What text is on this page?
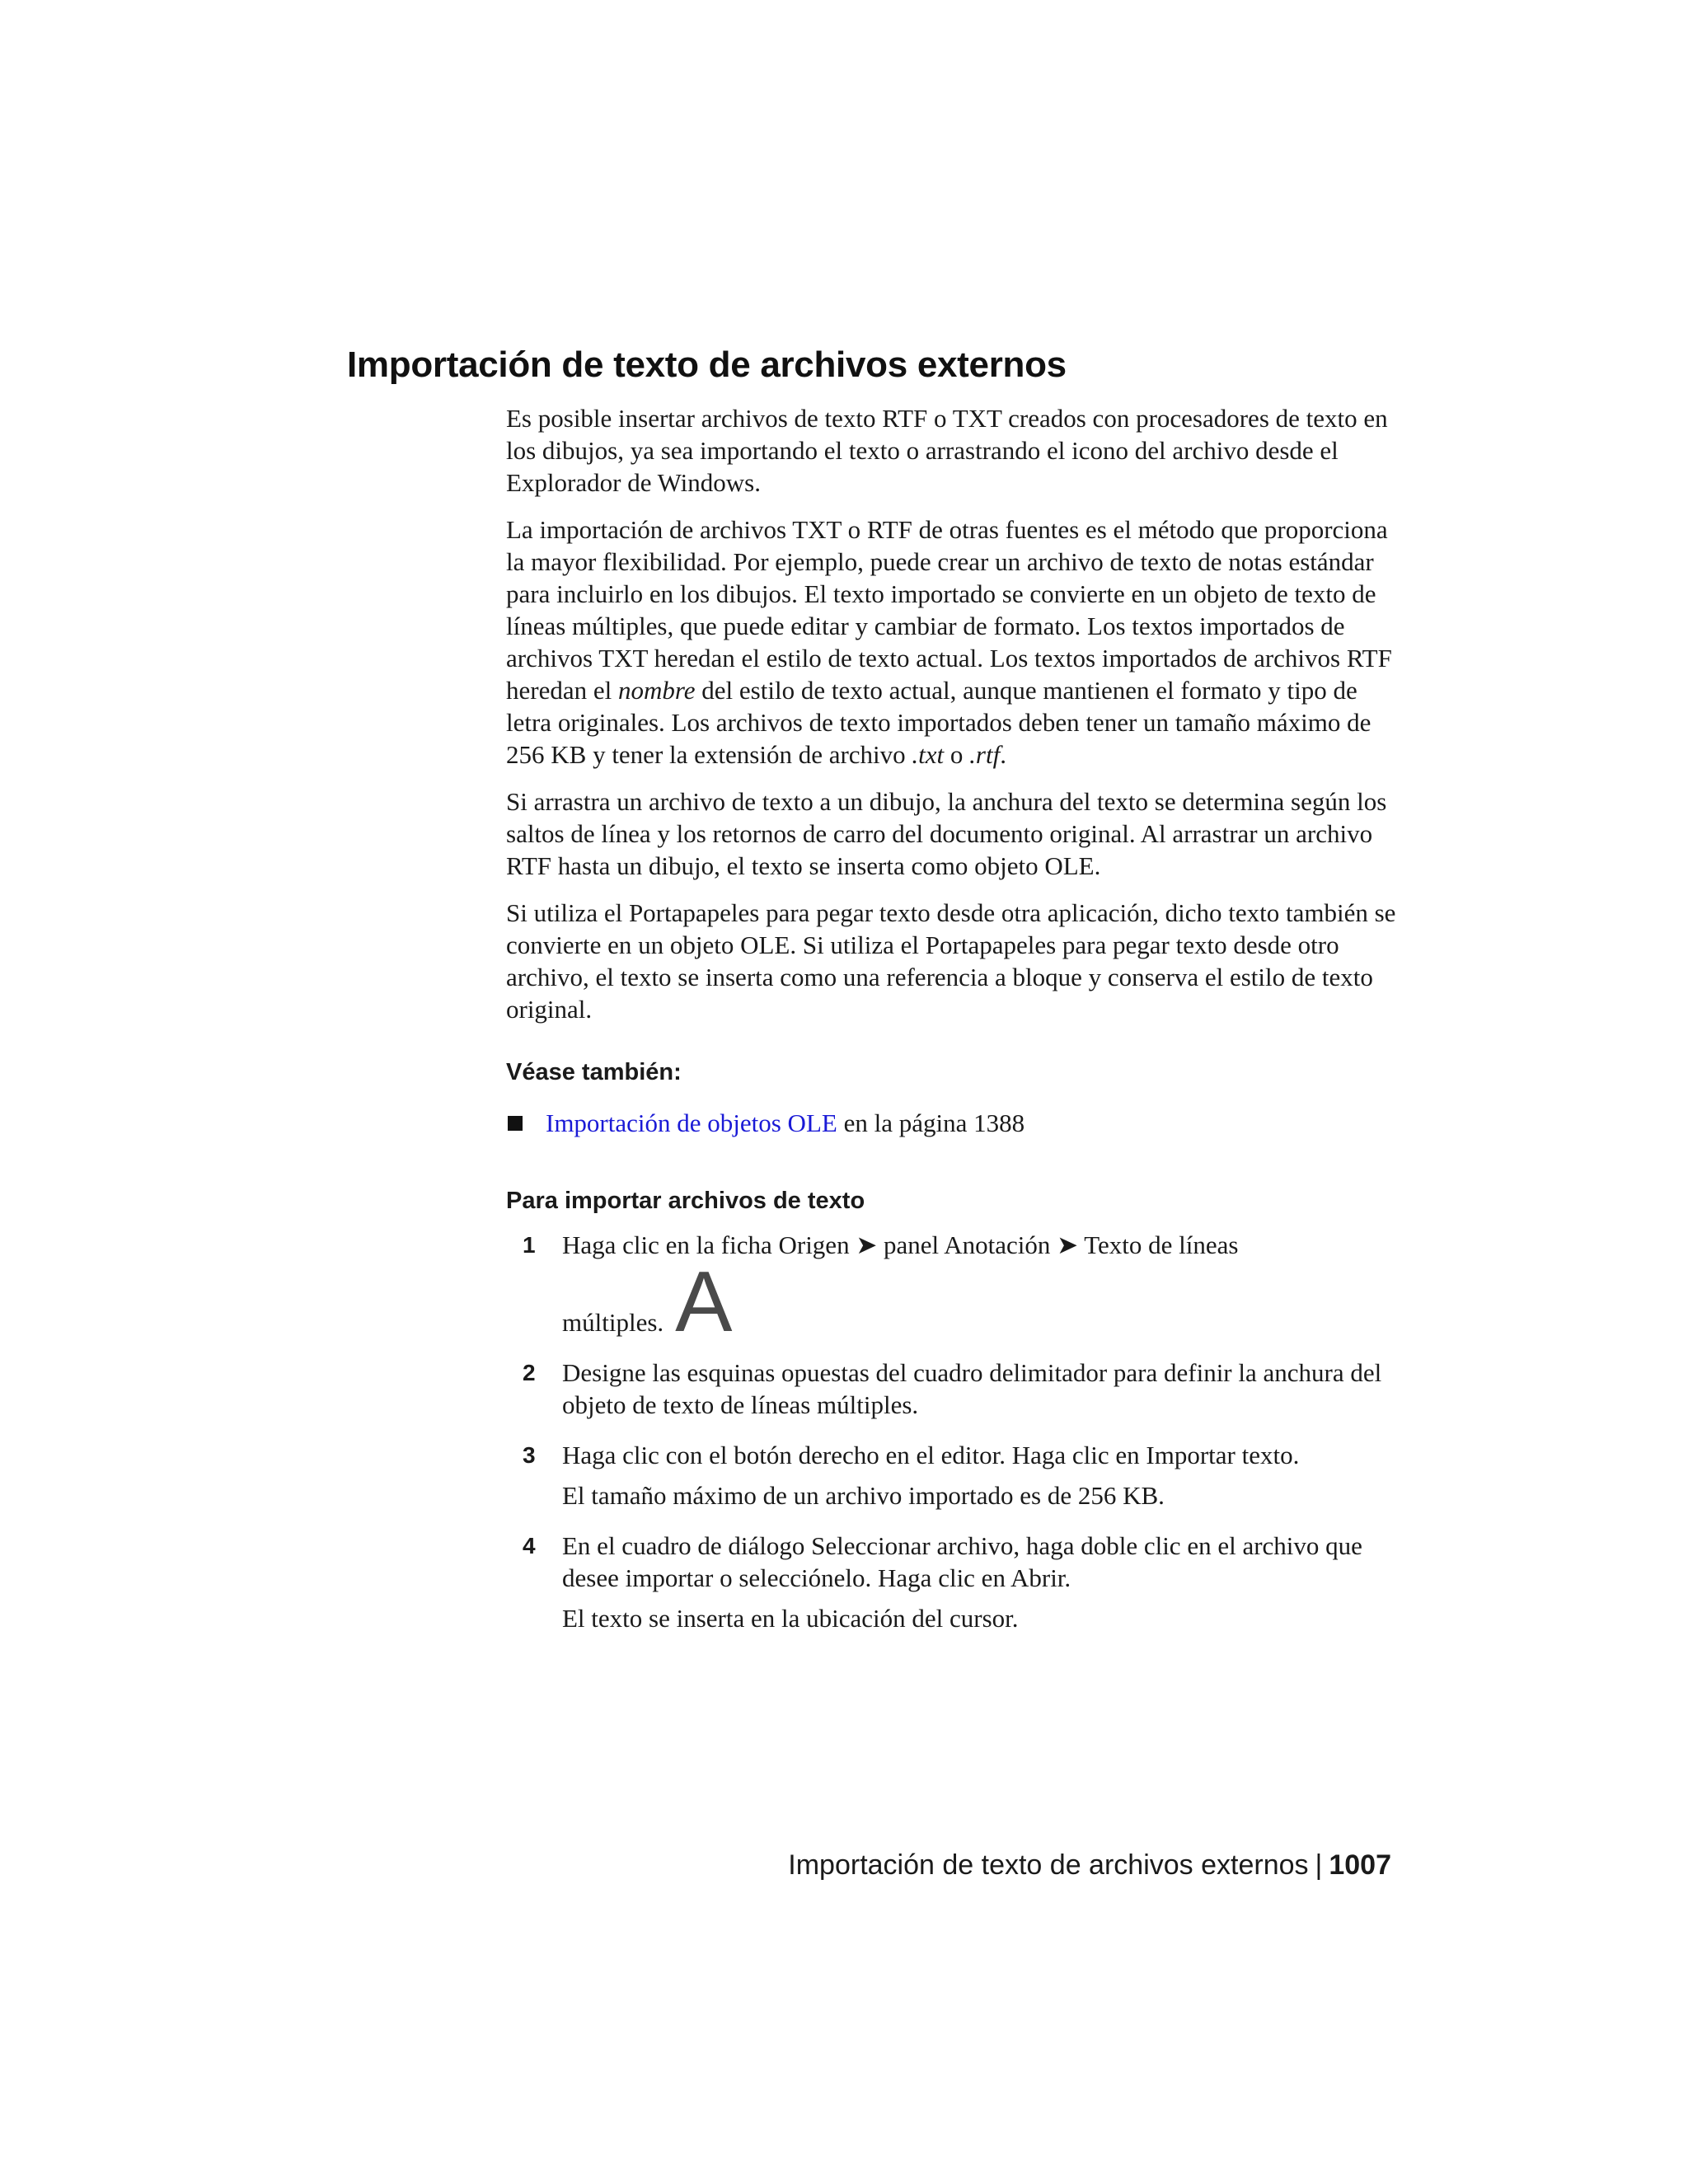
Importación de texto de archivos externos

Es posible insertar archivos de texto RTF o TXT creados con procesadores de texto en los dibujos, ya sea importando el texto o arrastrando el icono del archivo desde el Explorador de Windows.

La importación de archivos TXT o RTF de otras fuentes es el método que proporciona la mayor flexibilidad. Por ejemplo, puede crear un archivo de texto de notas estándar para incluirlo en los dibujos. El texto importado se convierte en un objeto de texto de líneas múltiples, que puede editar y cambiar de formato. Los textos importados de archivos TXT heredan el estilo de texto actual. Los textos importados de archivos RTF heredan el nombre del estilo de texto actual, aunque mantienen el formato y tipo de letra originales. Los archivos de texto importados deben tener un tamaño máximo de 256 KB y tener la extensión de archivo .txt o .rtf.

Si arrastra un archivo de texto a un dibujo, la anchura del texto se determina según los saltos de línea y los retornos de carro del documento original. Al arrastrar un archivo RTF hasta un dibujo, el texto se inserta como objeto OLE.

Si utiliza el Portapapeles para pegar texto desde otra aplicación, dicho texto también se convierte en un objeto OLE. Si utiliza el Portapapeles para pegar texto desde otro archivo, el texto se inserta como una referencia a bloque y conserva el estilo de texto original.

Véase también:

Importación de objetos OLE en la página 1388

Para importar archivos de texto

1 Haga clic en la ficha Origen ➤ panel Anotación ➤ Texto de líneas
múltiples. A
2 Designe las esquinas opuestas del cuadro delimitador para definir la anchura del objeto de texto de líneas múltiples.
3 Haga clic con el botón derecho en el editor. Haga clic en Importar texto.
El tamaño máximo de un archivo importado es de 256 KB.
4 En el cuadro de diálogo Seleccionar archivo, haga doble clic en el archivo que desee importar o selecciónelo. Haga clic en Abrir.
El texto se inserta en la ubicación del cursor.
Importación de texto de archivos externos | 1007
